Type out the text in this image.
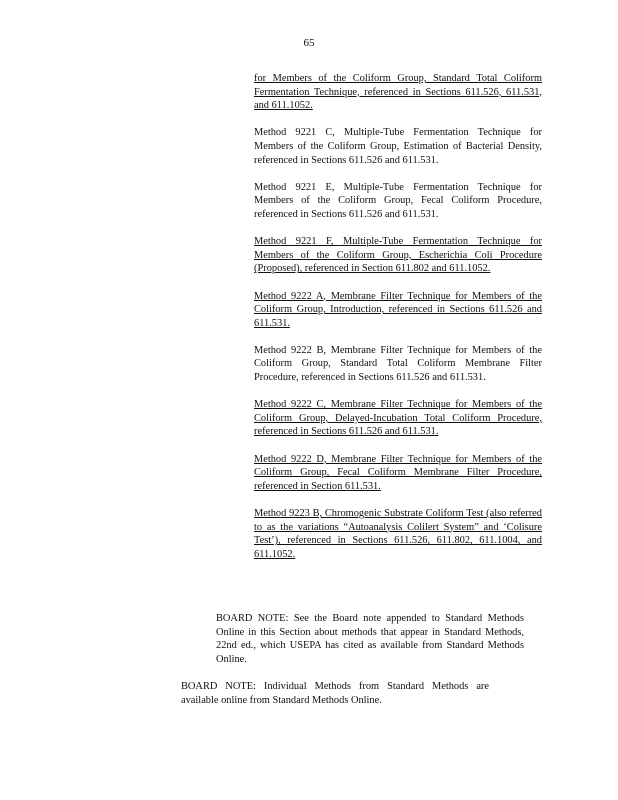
65

for Members of the Coliform Group, Standard Total Coliform Fermentation Technique, referenced in Sections 611.526, 611.531, and 611.1052.

Method 9221 C, Multiple-Tube Fermentation Technique for Members of the Coliform Group, Estimation of Bacterial Density, referenced in Sections 611.526 and 611.531.

Method 9221 E, Multiple-Tube Fermentation Technique for Members of the Coliform Group, Fecal Coliform Procedure, referenced in Sections 611.526 and 611.531.

Method 9221 F, Multiple-Tube Fermentation Technique for Members of the Coliform Group, Escherichia Coli Procedure (Proposed), referenced in Section 611.802 and 611.1052.

Method 9222 A, Membrane Filter Technique for Members of the Coliform Group, Introduction, referenced in Sections 611.526 and 611.531.

Method 9222 B, Membrane Filter Technique for Members of the Coliform Group, Standard Total Coliform Membrane Filter Procedure, referenced in Sections 611.526 and 611.531.

Method 9222 C, Membrane Filter Technique for Members of the Coliform Group, Delayed-Incubation Total Coliform Procedure, referenced in Sections 611.526 and 611.531.

Method 9222 D, Membrane Filter Technique for Members of the Coliform Group, Fecal Coliform Membrane Filter Procedure, referenced in Section 611.531.

Method 9223 B, Chromogenic Substrate Coliform Test (also referred to as the variations “Autoanalysis Colilert System” and ‘Colisure Test’), referenced in Sections 611.526, 611.802, 611.1004, and 611.1052.

BOARD NOTE: See the Board note appended to Standard Methods Online in this Section about methods that appear in Standard Methods, 22nd ed., which USEPA has cited as available from Standard Methods Online.

BOARD NOTE: Individual Methods from Standard Methods are available online from Standard Methods Online.
